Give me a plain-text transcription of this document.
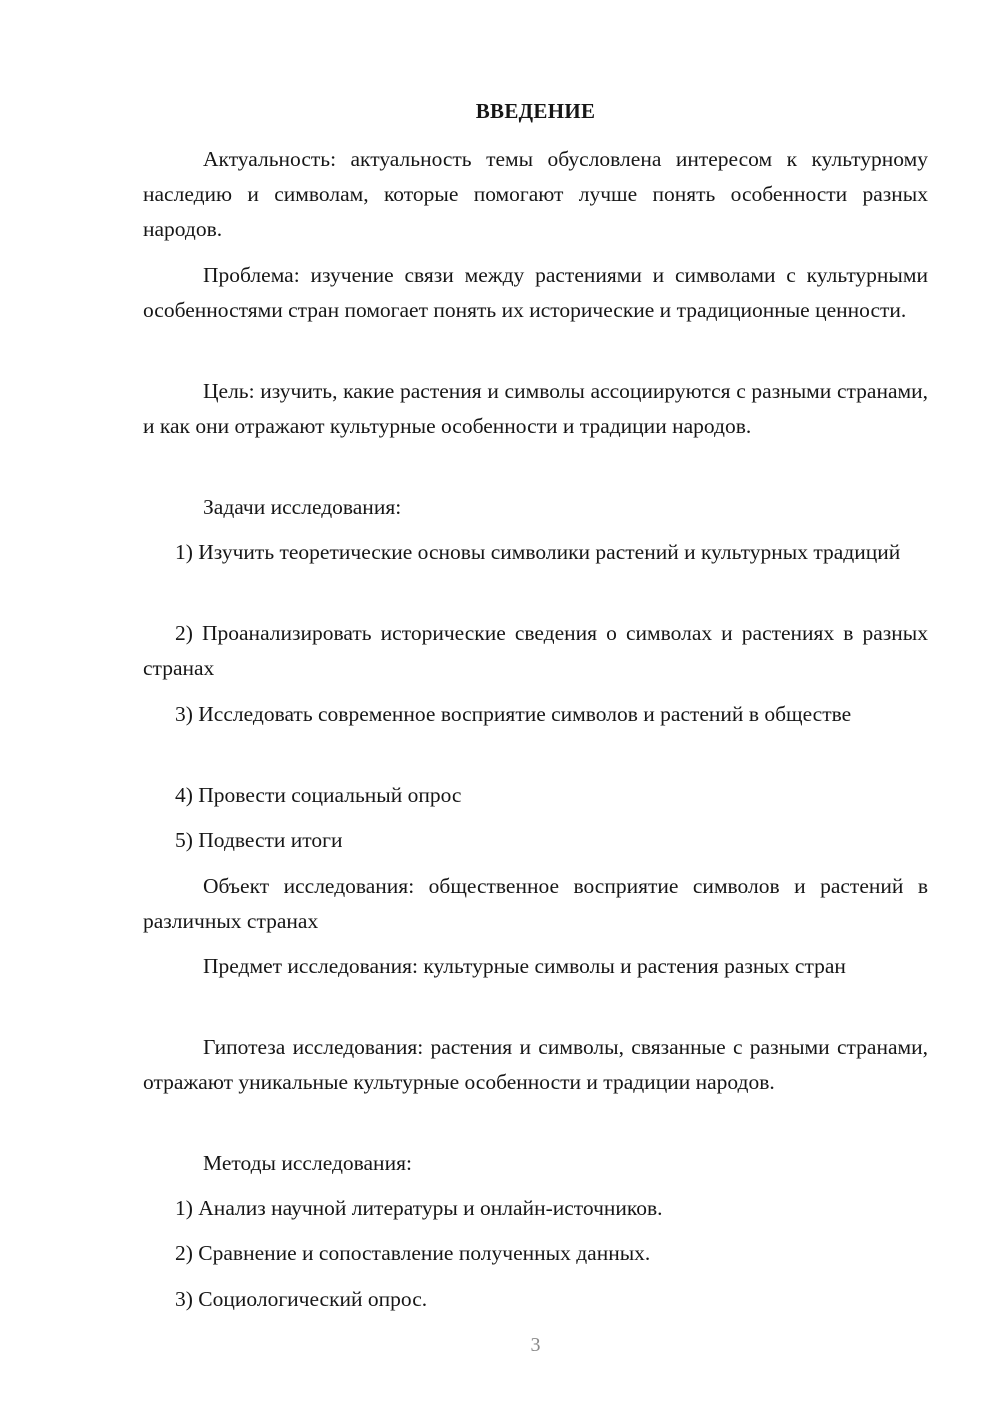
ВВЕДЕНИЕ

Актуальность: актуальность темы обусловлена интересом к культурному наследию и символам, которые помогают лучше понять особенности разных народов.

Проблема: изучение связи между растениями и символами с культурными особенностями стран помогает понять их исторические и традиционные ценности.

Цель: изучить, какие растения и символы ассоциируются с разными странами, и как они отражают культурные особенности и традиции народов.

Задачи исследования:

1) Изучить теоретические основы символики растений и культурных традиций

2) Проанализировать исторические сведения о символах и растениях в разных странах

3) Исследовать современное восприятие символов и растений в обществе

4) Провести социальный опрос
5) Подвести итоги

Объект исследования: общественное восприятие символов и растений в различных странах

Предмет исследования: культурные символы и растения разных стран

Гипотеза исследования: растения и символы, связанные с разными странами, отражают уникальные культурные особенности и традиции народов.

Методы исследования:
1) Анализ научной литературы и онлайн-источников.
2) Сравнение и сопоставление полученных данных.
3) Социологический опрос.
3
